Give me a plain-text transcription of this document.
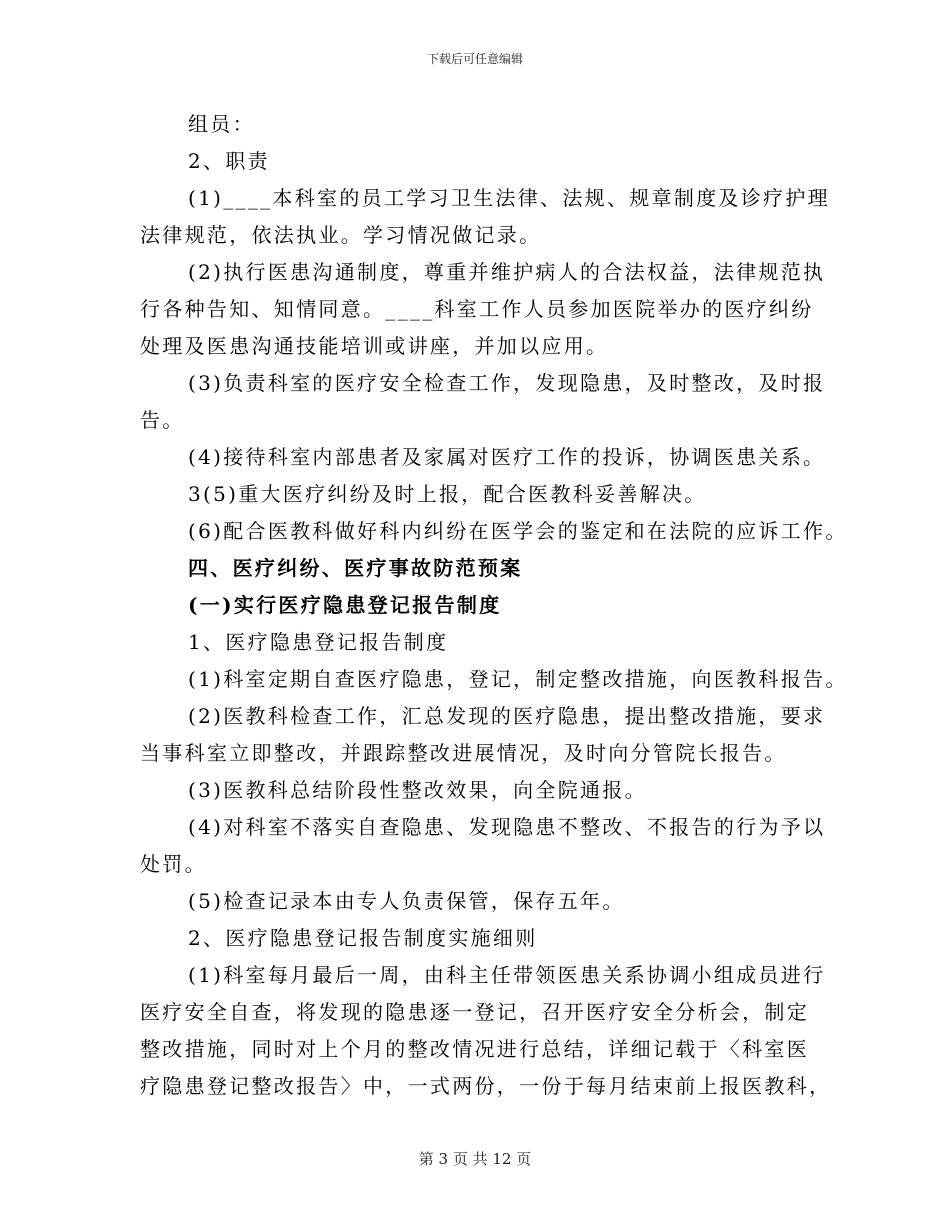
下载后可任意编辑
组员：
2、职责
(1)____本科室的员工学习卫生法律、法规、规章制度及诊疗护理
法律规范，依法执业。学习情况做记录。
(2)执行医患沟通制度，尊重并维护病人的合法权益，法律规范执
行各种告知、知情同意。____科室工作人员参加医院举办的医疗纠纷
处理及医患沟通技能培训或讲座，并加以应用。
(3)负责科室的医疗安全检查工作，发现隐患，及时整改，及时报
告。
(4)接待科室内部患者及家属对医疗工作的投诉，协调医患关系。
3(5)重大医疗纠纷及时上报，配合医教科妥善解决。
(6)配合医教科做好科内纠纷在医学会的鉴定和在法院的应诉工作。
四、医疗纠纷、医疗事故防范预案
(一)实行医疗隐患登记报告制度
1、医疗隐患登记报告制度
(1)科室定期自查医疗隐患，登记，制定整改措施，向医教科报告。
(2)医教科检查工作，汇总发现的医疗隐患，提出整改措施，要求
当事科室立即整改，并跟踪整改进展情况，及时向分管院长报告。
(3)医教科总结阶段性整改效果，向全院通报。
(4)对科室不落实自查隐患、发现隐患不整改、不报告的行为予以
处罚。
(5)检查记录本由专人负责保管，保存五年。
2、医疗隐患登记报告制度实施细则
(1)科室每月最后一周，由科主任带领医患关系协调小组成员进行
医疗安全自查，将发现的隐患逐一登记，召开医疗安全分析会，制定
整改措施，同时对上个月的整改情况进行总结，详细记载于〈科室医
疗隐患登记整改报告〉中，一式两份，一份于每月结束前上报医教科，
第 3 页 共 12 页
